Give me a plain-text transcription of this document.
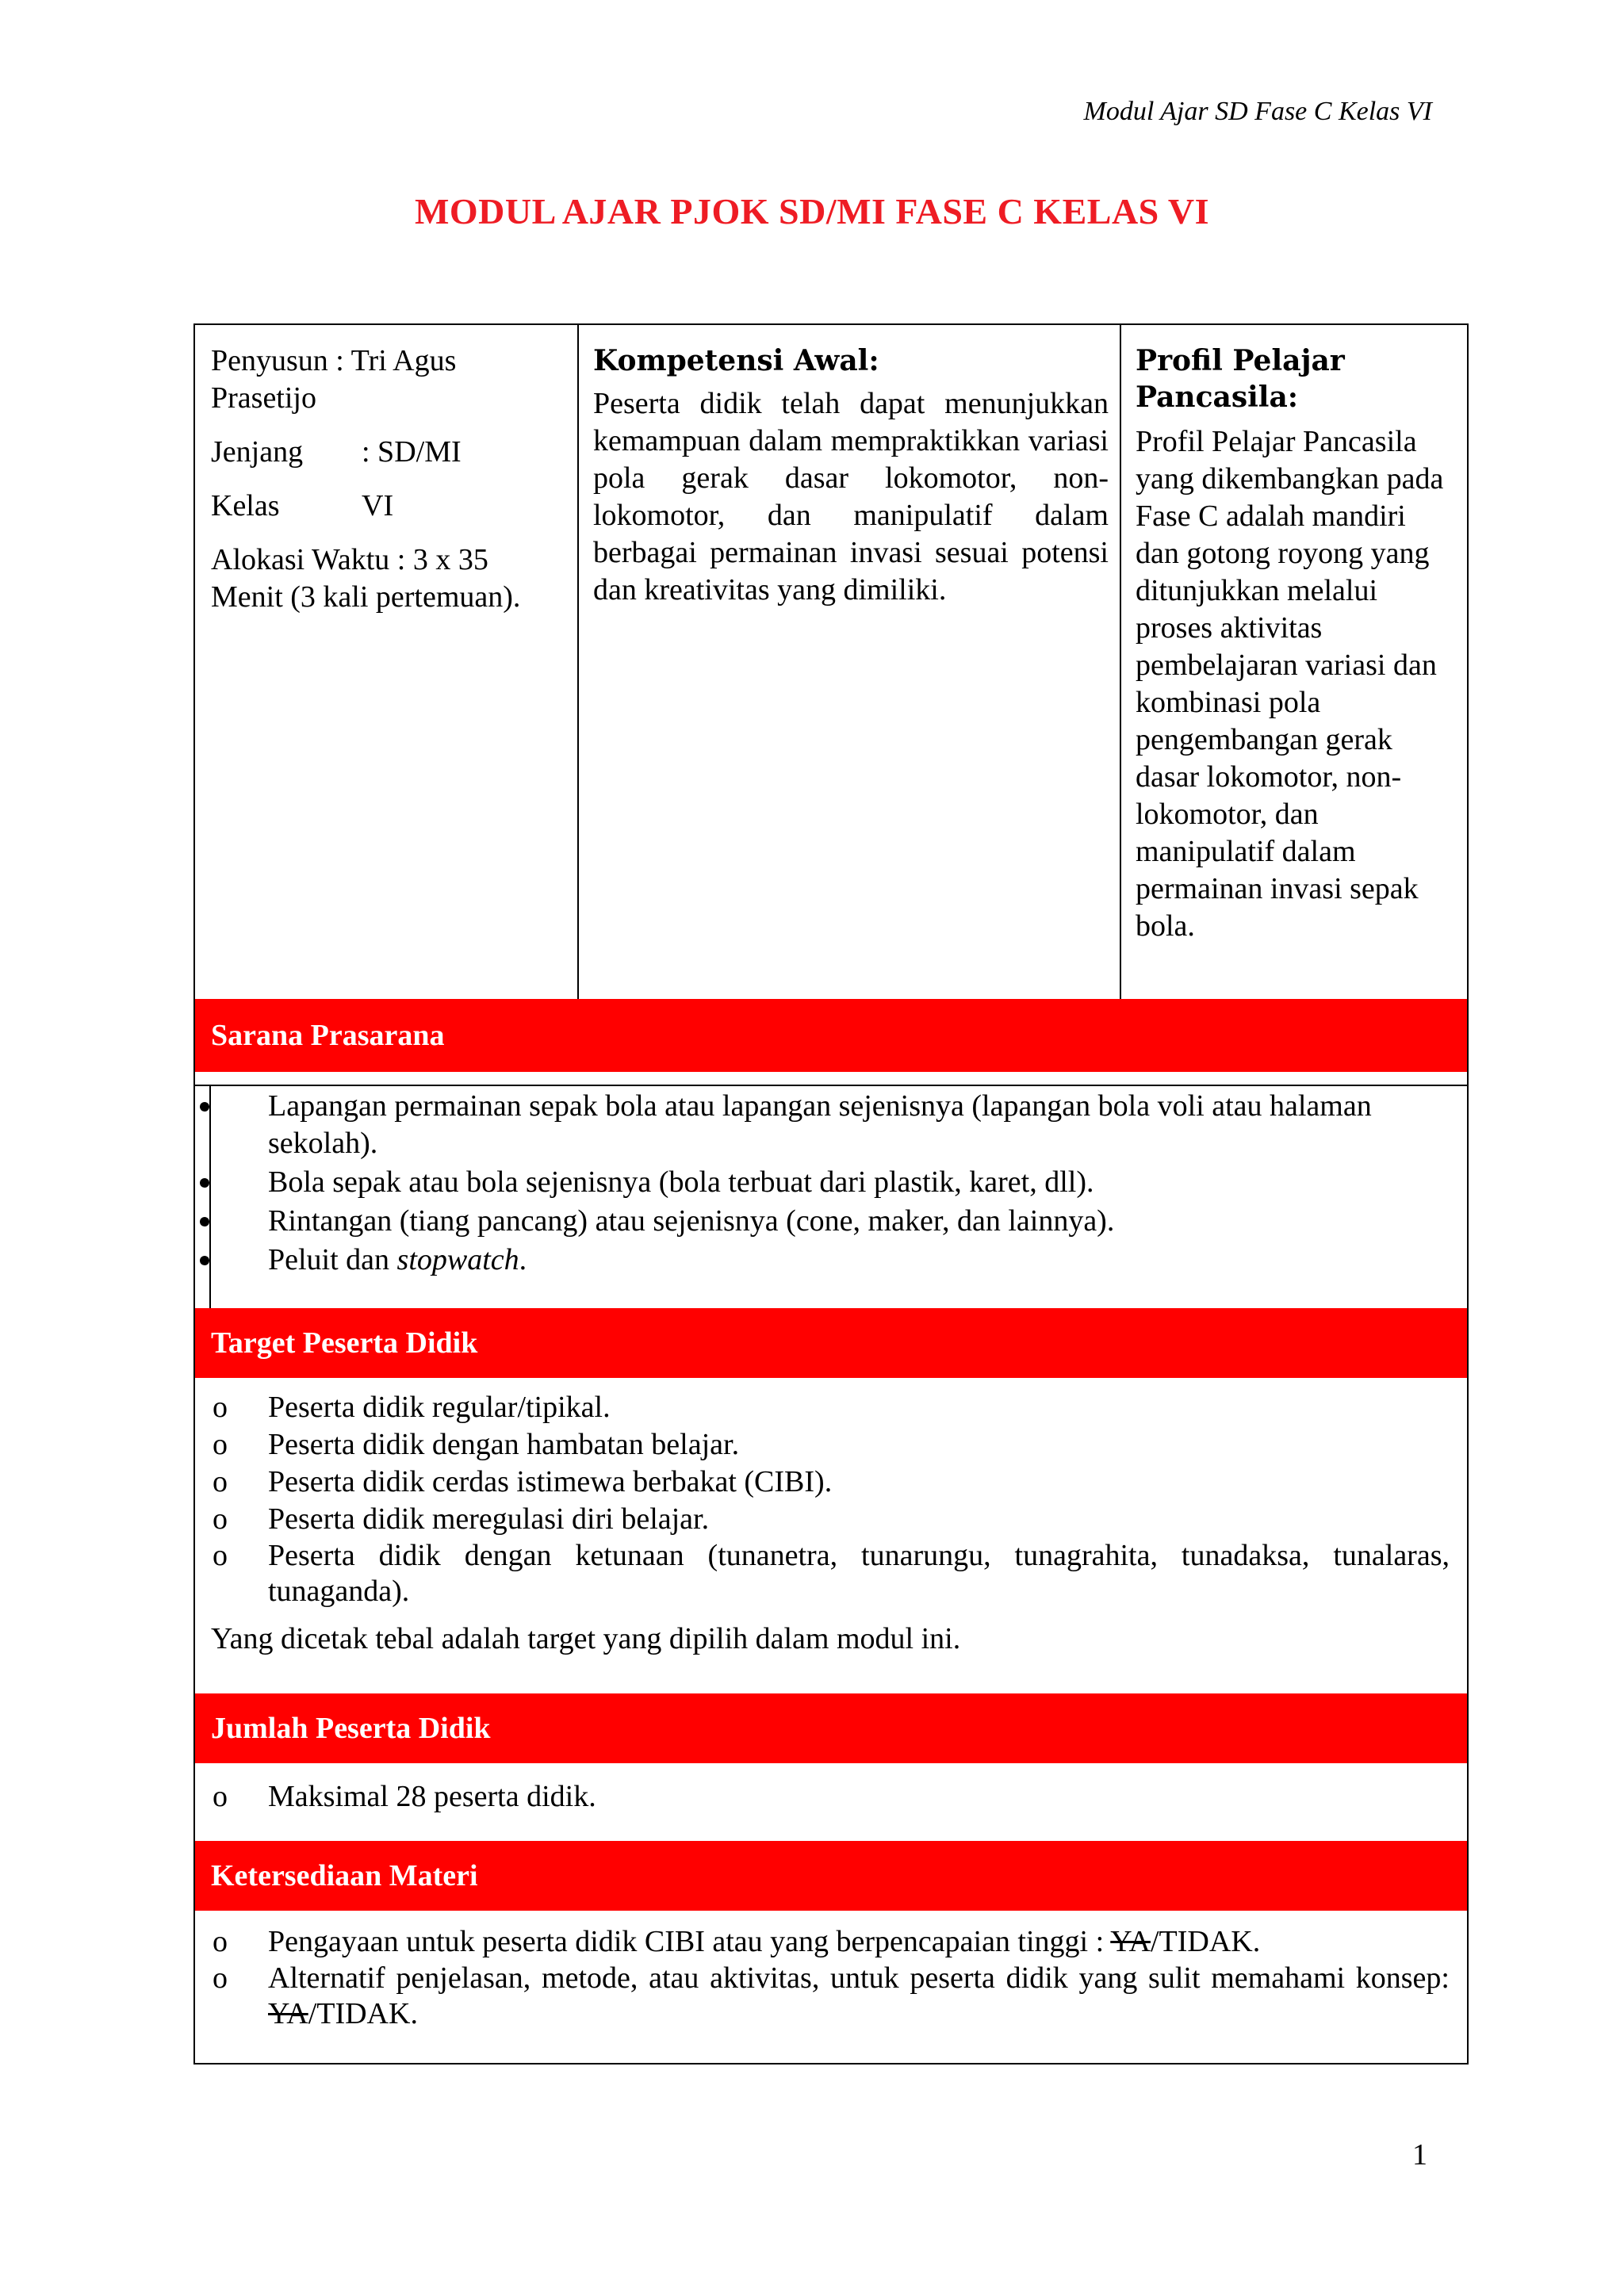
Modul Ajar SD Fase C Kelas VI
MODUL AJAR PJOK SD/MI FASE C KELAS VI

Penyusun : Tri Agus
Prasetijo

Jenjang : SD/MI

Kelas	VI

Alokasi Waktu : 3 x 35
Menit (3 kali pertemuan).

Kompetensi Awal:

Peserta didik telah dapat menunjukkan kemampuan dalam mempraktikkan variasi pola gerak dasar lokomotor, non-lokomotor, dan manipulatif dalam berbagai permainan invasi sesuai potensi dan kreativitas yang dimiliki.

Profil Pelajar Pancasila:

Profil Pelajar Pancasila yang dikembangkan pada Fase C adalah mandiri dan gotong royong yang ditunjukkan melalui proses aktivitas pembelajaran variasi dan kombinasi pola pengembangan gerak dasar lokomotor, non-lokomotor, dan manipulatif dalam permainan invasi sepak bola.

Sarana Prasarana
Lapangan permainan sepak bola atau lapangan sejenisnya (lapangan bola voli atau halaman sekolah).
Bola sepak atau bola sejenisnya (bola terbuat dari plastik, karet, dll).
Rintangan (tiang pancang) atau sejenisnya (cone, maker, dan lainnya).
Peluit dan stopwatch.
Target Peserta Didik
o Peserta didik regular/tipikal.
o Peserta didik dengan hambatan belajar.
o Peserta didik cerdas istimewa berbakat (CIBI).
o Peserta didik meregulasi diri belajar.
o Peserta didik dengan ketunaan (tunanetra, tunarungu, tunagrahita, tunadaksa, tunalaras, tunaganda).

Yang dicetak tebal adalah target yang dipilih dalam modul ini.

Jumlah Peserta Didik
o Maksimal 28 peserta didik.
Ketersediaan Materi
o Pengayaan untuk peserta didik CIBI atau yang berpencapaian tinggi : YA/TIDAK.
o Alternatif penjelasan, metode, atau aktivitas, untuk peserta didik yang sulit memahami konsep: YA/TIDAK.
1
